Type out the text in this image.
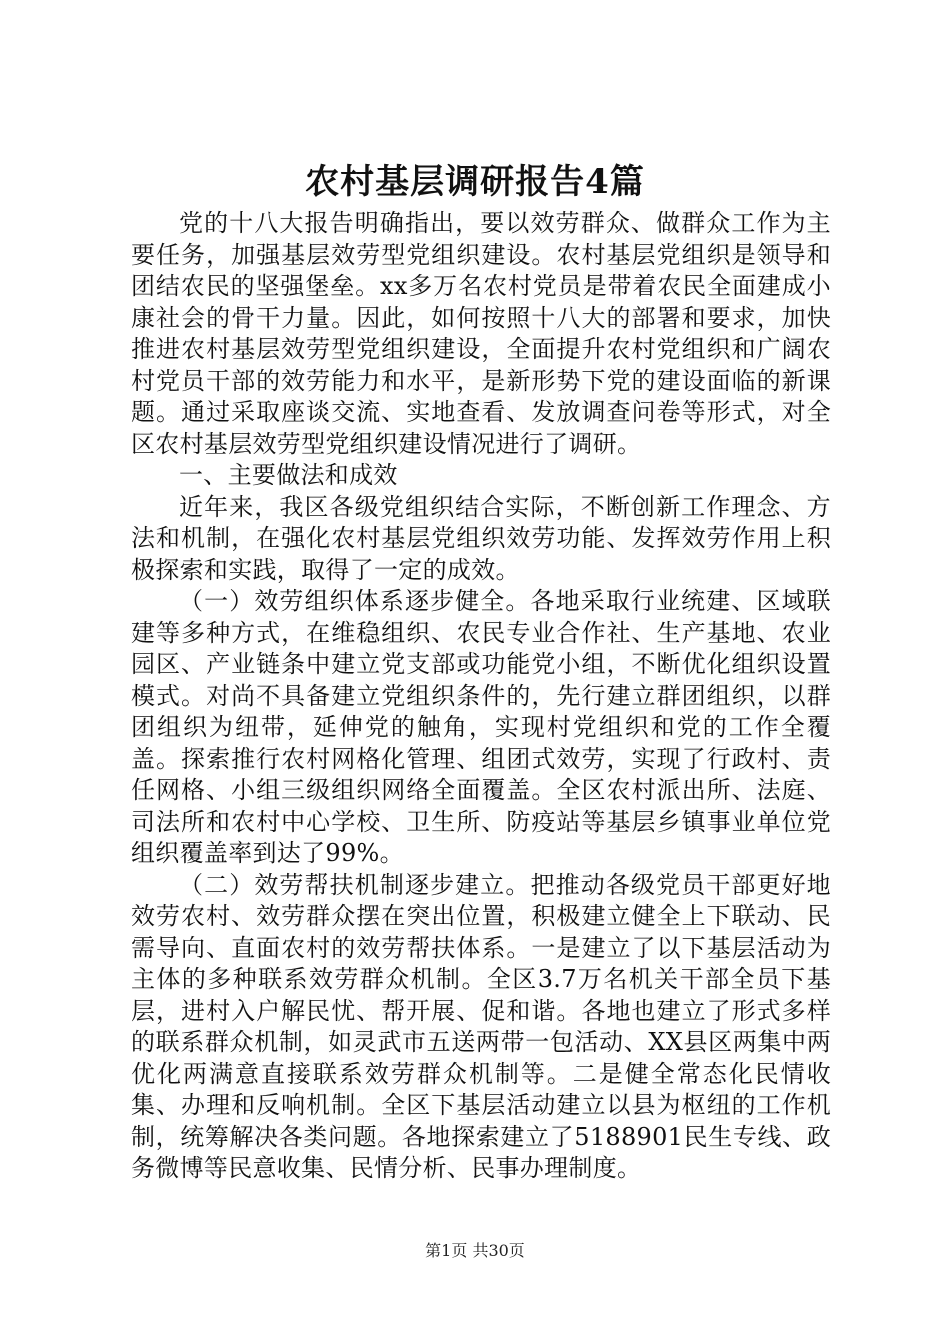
农村基层调研报告4篇

党的十八大报告明确指出，要以效劳群众、做群众工作为主要任务，加强基层效劳型党组织建设。农村基层党组织是领导和团结农民的坚强堡垒。xx多万名农村党员是带着农民全面建成小康社会的骨干力量。因此，如何按照十八大的部署和要求，加快推进农村基层效劳型党组织建设，全面提升农村党组织和广阔农村党员干部的效劳能力和水平，是新形势下党的建设面临的新课题。通过采取座谈交流、实地查看、发放调查问卷等形式，对全区农村基层效劳型党组织建设情况进行了调研。

一、主要做法和成效

近年来，我区各级党组织结合实际，不断创新工作理念、方法和机制，在强化农村基层党组织效劳功能、发挥效劳作用上积极探索和实践，取得了一定的成效。

（一）效劳组织体系逐步健全。各地采取行业统建、区域联建等多种方式，在维稳组织、农民专业合作社、生产基地、农业园区、产业链条中建立党支部或功能党小组，不断优化组织设置模式。对尚不具备建立党组织条件的，先行建立群团组织，以群团组织为纽带，延伸党的触角，实现村党组织和党的工作全覆盖。探索推行农村网格化管理、组团式效劳，实现了行政村、责任网格、小组三级组织网络全面覆盖。全区农村派出所、法庭、司法所和农村中心学校、卫生所、防疫站等基层乡镇事业单位党组织覆盖率到达了99%。

（二）效劳帮扶机制逐步建立。把推动各级党员干部更好地效劳农村、效劳群众摆在突出位置，积极建立健全上下联动、民需导向、直面农村的效劳帮扶体系。一是建立了以下基层活动为主体的多种联系效劳群众机制。全区3.7万名机关干部全员下基层，进村入户解民忧、帮开展、促和谐。各地也建立了形式多样的联系群众机制，如灵武市五送两带一包活动、XX县区两集中两优化两满意直接联系效劳群众机制等。二是健全常态化民情收集、办理和反响机制。全区下基层活动建立以县为枢纽的工作机制，统筹解决各类问题。各地探索建立了5188901民生专线、政务微博等民意收集、民情分析、民事办理制度。

第1页 共30页
